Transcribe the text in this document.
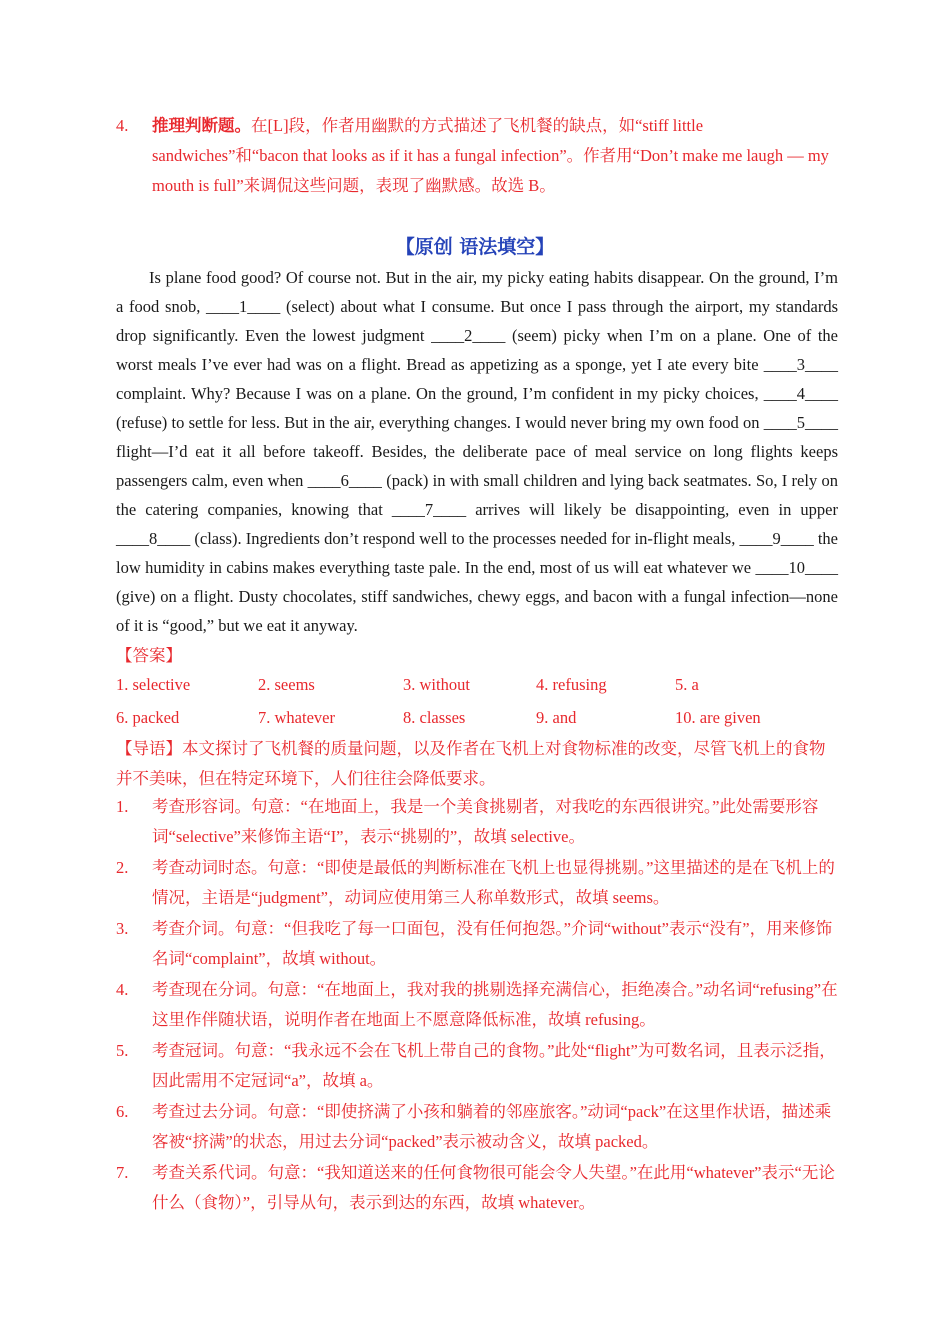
4. 推理判断题。在[L]段，作者用幽默的方式描述了飞机餐的缺点，如“stiff little sandwiches”和“bacon that looks as if it has a fungal infection”。作者用“Don’t make me laugh — my mouth is full”来调侃这些问题，表现了幽默感。故选 B。
【原创 语法填空】
Is plane food good? Of course not. But in the air, my picky eating habits disappear. On the ground, I’m a food snob, ____1____ (select) about what I consume. But once I pass through the airport, my standards drop significantly. Even the lowest judgment ____2____ (seem) picky when I’m on a plane. One of the worst meals I’ve ever had was on a flight. Bread as appetizing as a sponge, yet I ate every bite ____3____ complaint. Why? Because I was on a plane. On the ground, I’m confident in my picky choices, ____4____ (refuse) to settle for less. But in the air, everything changes. I would never bring my own food on ____5____ flight—I’d eat it all before takeoff. Besides, the deliberate pace of meal service on long flights keeps passengers calm, even when ____6____ (pack) in with small children and lying back seatmates. So, I rely on the catering companies, knowing that ____7____ arrives will likely be disappointing, even in upper ____8____ (class). Ingredients don’t respond well to the processes needed for in-flight meals, ____9____ the low humidity in cabins makes everything taste pale. In the end, most of us will eat whatever we ____10____ (give) on a flight. Dusty chocolates, stiff sandwiches, chewy eggs, and bacon with a fungal infection—none of it is “good,” but we eat it anyway.
【答案】
1. selective	2. seems	3. without	4. refusing	5. a
6. packed	7. whatever	8. classes	9. and	10. are given
【导语】本文探讨了飞机餐的质量问题，以及作者在飞机上对食物标准的改变，尽管飞机上的食物并不美味，但在特定环境下，人们往往会降低要求。
1. 考查形容词。句意：“在地面上，我是一个美食挑剔者，对我吃的东西很讲究。”此处需要形容词“selective”来修饰主语“I”，表示“挑剔的”，故填 selective。
2. 考查动词时态。句意：“即使是最低的判断标准在飞机上也显得挑剔。”这里描述的是在飞机上的情况，主语是“judgment”，动词应使用第三人称单数形式，故填 seems。
3. 考查介词。句意：“但我吃了每一口面包，没有任何抱怨。”介词“without”表示“没有”，用来修饰名词“complaint”，故填 without。
4. 考查现在分词。句意：“在地面上，我对我的挑剔选择充满信心，拒绝凑合。”动名词“refusing”在这里作伴随状语，说明作者在地面上不愿意降低标准，故填 refusing。
5. 考查冠词。句意：“我永远不会在飞机上带自己的食物。”此处“flight”为可数名词，且表示泛指，因此需用不定冠词“a”，故填 a。
6. 考查过去分词。句意：“即使挤满了小孩和躺着的邻座旅客。”动词“pack”在这里作状语，描述乘客被“挤满”的状态，用过去分词“packed”表示被动含义，故填 packed。
7. 考查关系代词。句意：“我知道送来的任何食物很可能会令人失望。”在此用“whatever”表示“无论什么（食物）”，引导从句，表示到达的东西，故填 whatever。
